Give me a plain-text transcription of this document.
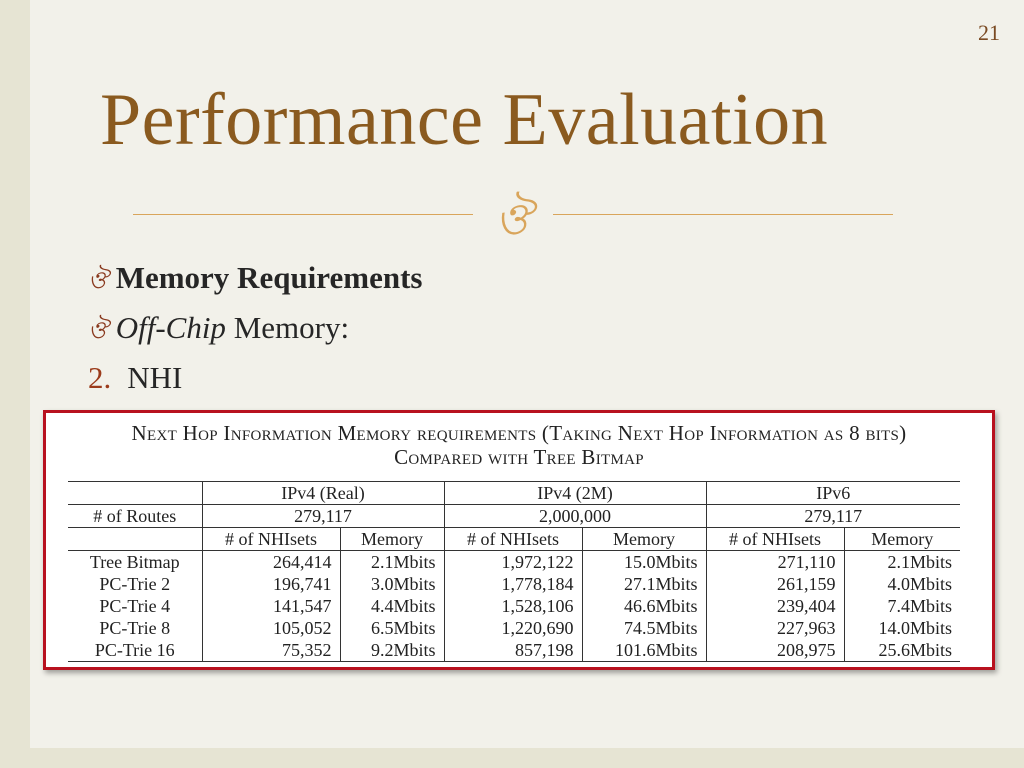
21
Performance Evaluation
ঔ
ঔ Memory Requirements
ঔ Off-Chip Memory:
2. NHI
Next Hop Information Memory requirements (Taking Next Hop Information as 8 bits)
Compared with Tree Bitmap
	IPv4 (Real)		IPv4 (2M)		IPv6	
# of Routes	279,117		2,000,000		279,117	
	# of NHIsets	Memory	# of NHIsets	Memory	# of NHIsets	Memory
Tree Bitmap	264,414	2.1Mbits	1,972,122	15.0Mbits	271,110	2.1Mbits
PC-Trie 2	196,741	3.0Mbits	1,778,184	27.1Mbits	261,159	4.0Mbits
PC-Trie 4	141,547	4.4Mbits	1,528,106	46.6Mbits	239,404	7.4Mbits
PC-Trie 8	105,052	6.5Mbits	1,220,690	74.5Mbits	227,963	14.0Mbits
PC-Trie 16	75,352	9.2Mbits	857,198	101.6Mbits	208,975	25.6Mbits
